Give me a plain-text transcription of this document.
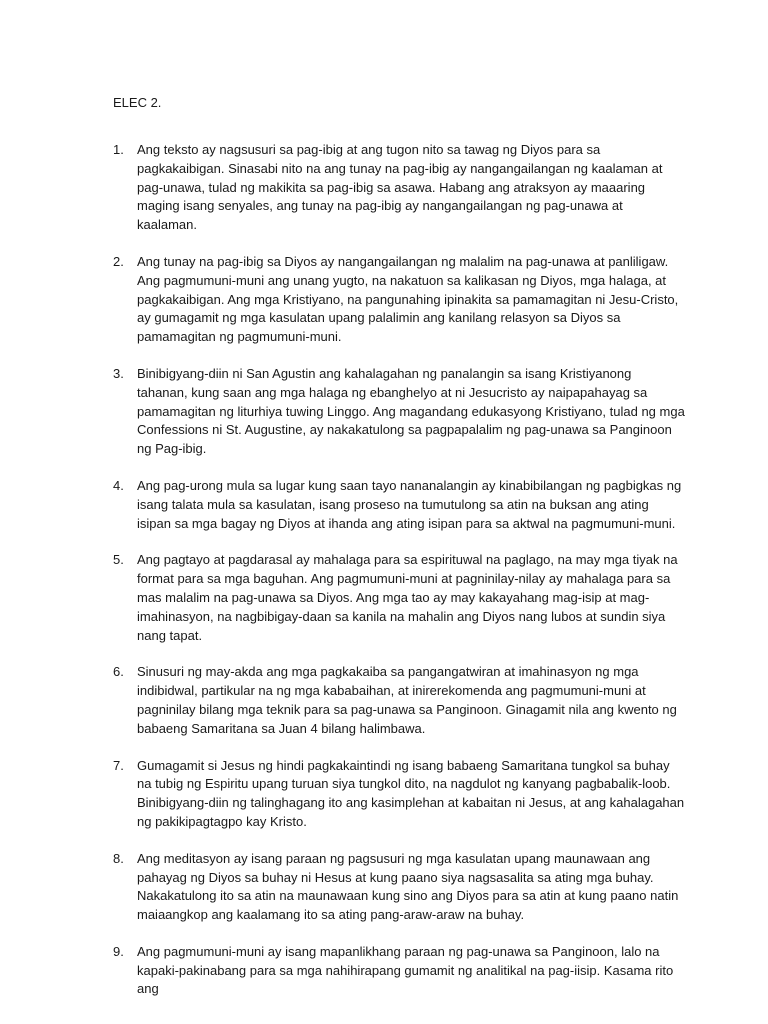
ELEC 2.
1. Ang teksto ay nagsusuri sa pag-ibig at ang tugon nito sa tawag ng Diyos para sa pagkakaibigan. Sinasabi nito na ang tunay na pag-ibig ay nangangailangan ng kaalaman at pag-unawa, tulad ng makikita sa pag-ibig sa asawa. Habang ang atraksyon ay maaaring maging isang senyales, ang tunay na pag-ibig ay nangangailangan ng pag-unawa at kaalaman.
2. Ang tunay na pag-ibig sa Diyos ay nangangailangan ng malalim na pag-unawa at panliligaw. Ang pagmumuni-muni ang unang yugto, na nakatuon sa kalikasan ng Diyos, mga halaga, at pagkakaibigan. Ang mga Kristiyano, na pangunahing ipinakita sa pamamagitan ni Jesu-Cristo, ay gumagamit ng mga kasulatan upang palalimin ang kanilang relasyon sa Diyos sa pamamagitan ng pagmumuni-muni.
3. Binibigyang-diin ni San Agustin ang kahalagahan ng panalangin sa isang Kristiyanong tahanan, kung saan ang mga halaga ng ebanghelyo at ni Jesucristo ay naipapahayag sa pamamagitan ng liturhiya tuwing Linggo. Ang magandang edukasyong Kristiyano, tulad ng mga Confessions ni St. Augustine, ay nakakatulong sa pagpapalalim ng pag-unawa sa Panginoon ng Pag-ibig.
4. Ang pag-urong mula sa lugar kung saan tayo nananalangin ay kinabibilangan ng pagbigkas ng isang talata mula sa kasulatan, isang proseso na tumutulong sa atin na buksan ang ating isipan sa mga bagay ng Diyos at ihanda ang ating isipan para sa aktwal na pagmumuni-muni.
5. Ang pagtayo at pagdarasal ay mahalaga para sa espirituwal na paglago, na may mga tiyak na format para sa mga baguhan. Ang pagmumuni-muni at pagninilay-nilay ay mahalaga para sa mas malalim na pag-unawa sa Diyos. Ang mga tao ay may kakayahang mag-isip at mag-imahinasyon, na nagbibigay-daan sa kanila na mahalin ang Diyos nang lubos at sundin siya nang tapat.
6. Sinusuri ng may-akda ang mga pagkakaiba sa pangangatwiran at imahinasyon ng mga indibidwal, partikular na ng mga kababaihan, at inirerekomenda ang pagmumuni-muni at pagninilay bilang mga teknik para sa pag-unawa sa Panginoon. Ginagamit nila ang kwento ng babaeng Samaritana sa Juan 4 bilang halimbawa.
7. Gumagamit si Jesus ng hindi pagkakaintindi ng isang babaeng Samaritana tungkol sa buhay na tubig ng Espiritu upang turuan siya tungkol dito, na nagdulot ng kanyang pagbabalik-loob. Binibigyang-diin ng talinghagang ito ang kasimplehan at kabaitan ni Jesus, at ang kahalagahan ng pakikipagtagpo kay Kristo.
8. Ang meditasyon ay isang paraan ng pagsusuri ng mga kasulatan upang maunawaan ang pahayag ng Diyos sa buhay ni Hesus at kung paano siya nagsasalita sa ating mga buhay. Nakakatulong ito sa atin na maunawaan kung sino ang Diyos para sa atin at kung paano natin maiaangkop ang kaalamang ito sa ating pang-araw-araw na buhay.
9. Ang pagmumuni-muni ay isang mapanlikhang paraan ng pag-unawa sa Panginoon, lalo na kapaki-pakinabang para sa mga nahihirapang gumamit ng analitikal na pag-iisip. Kasama rito ang
